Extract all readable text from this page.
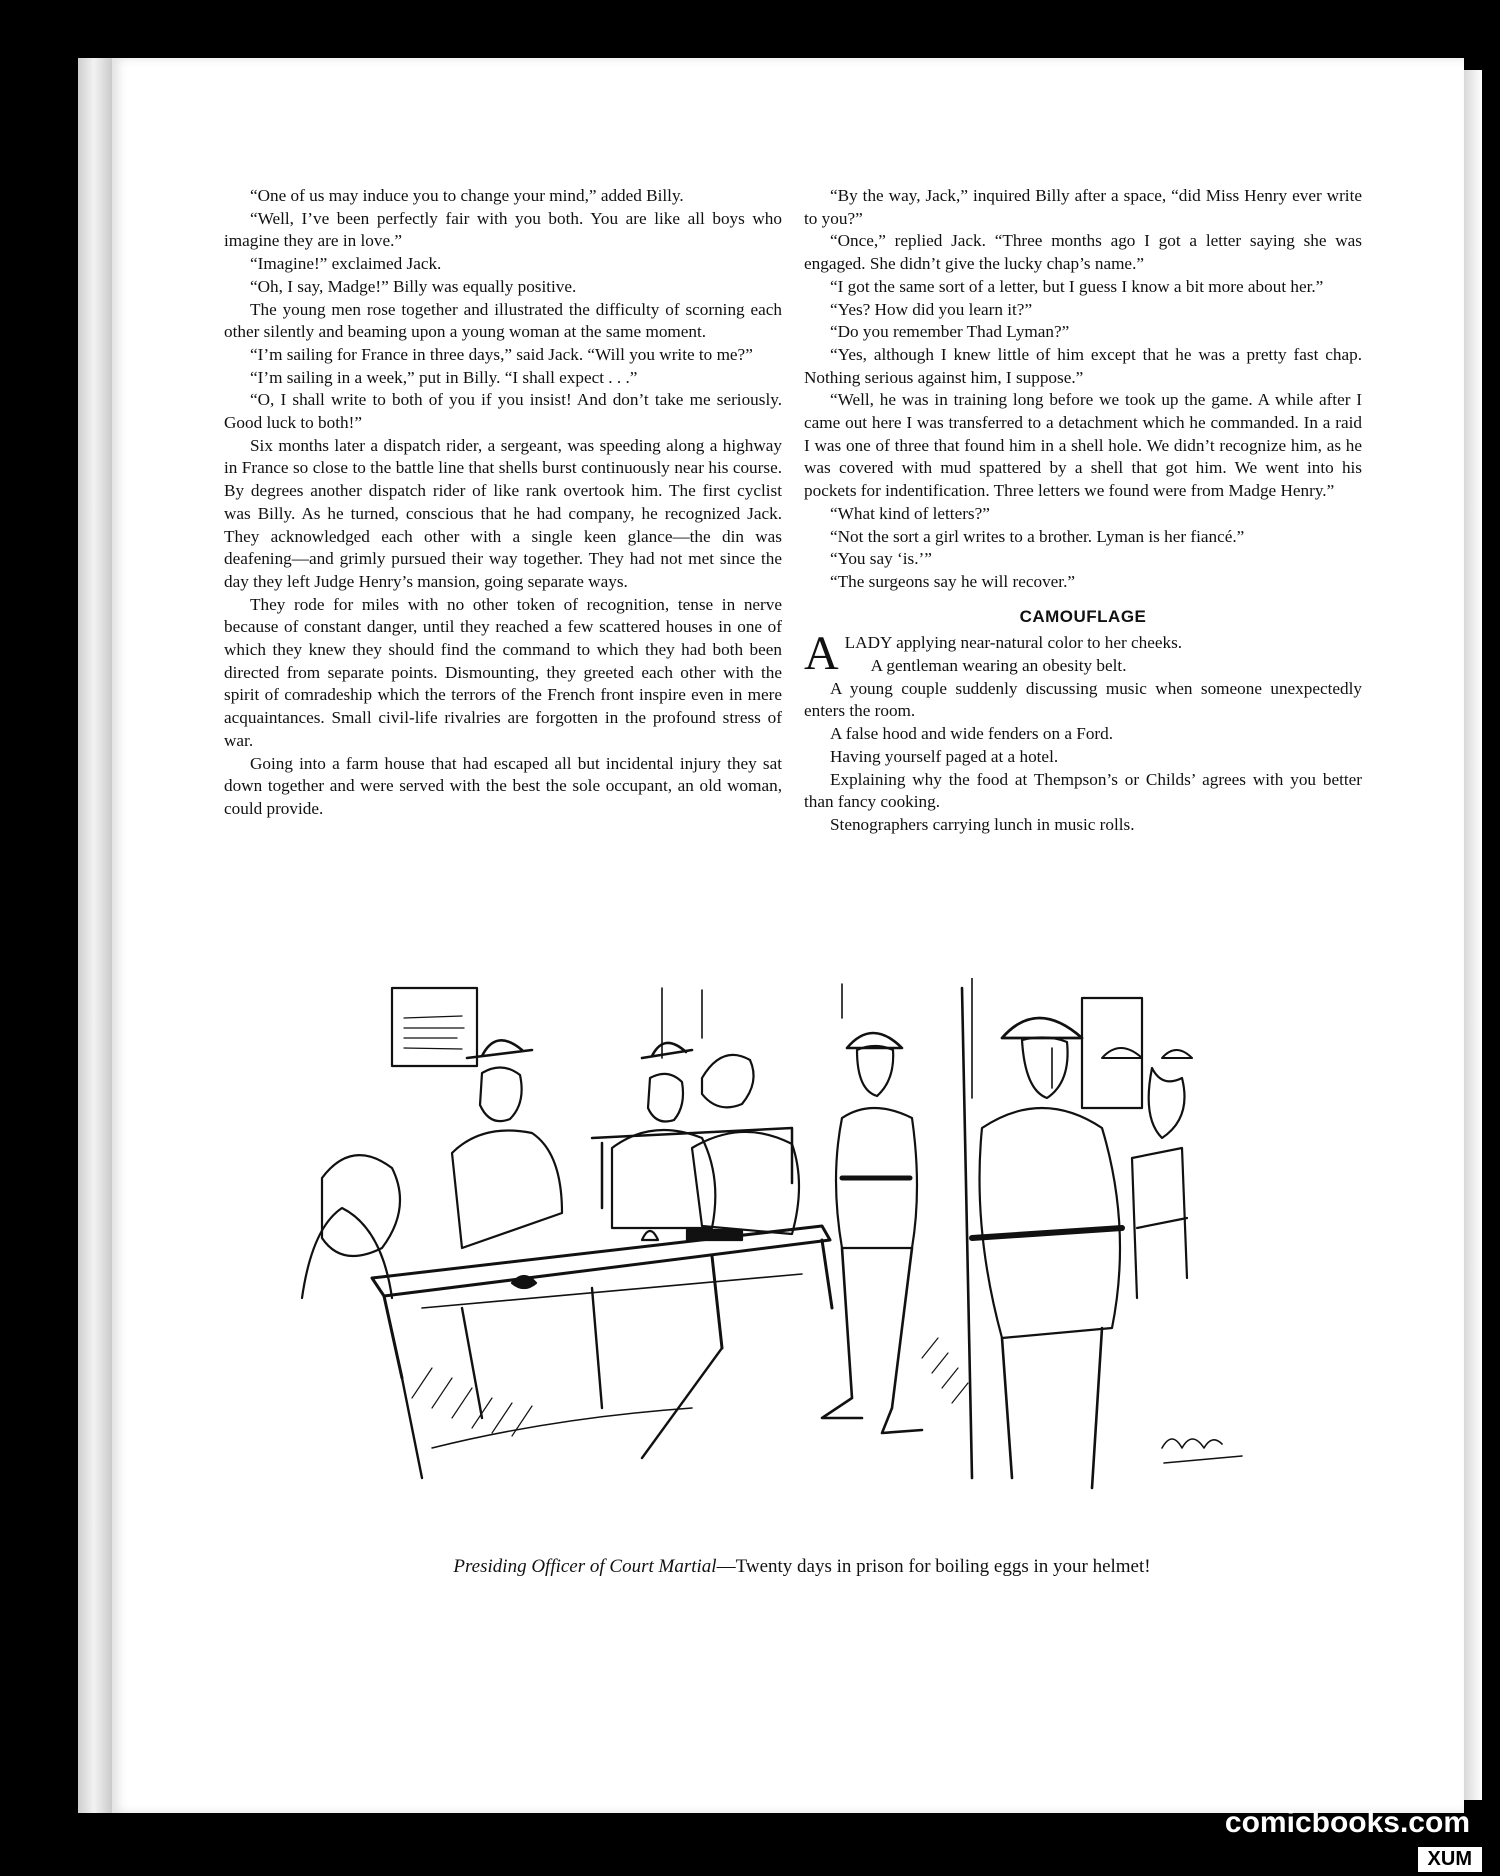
“One of us may induce you to change your mind,” added Billy.

“Well, I’ve been perfectly fair with you both. You are like all boys who imagine they are in love.”

“Imagine!” exclaimed Jack.

“Oh, I say, Madge!” Billy was equally positive.

The young men rose together and illustrated the difficulty of scorning each other silently and beaming upon a young woman at the same moment.

“I’m sailing for France in three days,” said Jack. “Will you write to me?”

“I’m sailing in a week,” put in Billy. “I shall expect . . .”

“O, I shall write to both of you if you insist! And don’t take me seriously. Good luck to both!”

Six months later a dispatch rider, a sergeant, was speeding along a highway in France so close to the battle line that shells burst continuously near his course. By degrees another dispatch rider of like rank overtook him. The first cyclist was Billy. As he turned, conscious that he had company, he recognized Jack. They acknowledged each other with a single keen glance—the din was deafening—and grimly pursued their way together. They had not met since the day they left Judge Henry’s mansion, going separate ways.

They rode for miles with no other token of recognition, tense in nerve because of constant danger, until they reached a few scattered houses in one of which they knew they should find the command to which they had both been directed from separate points. Dismounting, they greeted each other with the spirit of comradeship which the terrors of the French front inspire even in mere acquaintances. Small civil-life rivalries are forgotten in the profound stress of war.

Going into a farm house that had escaped all but incidental injury they sat down together and were served with the best the sole occupant, an old woman, could provide.

“By the way, Jack,” inquired Billy after a space, “did Miss Henry ever write to you?”

“Once,” replied Jack. “Three months ago I got a letter saying she was engaged. She didn’t give the lucky chap’s name.”

“I got the same sort of a letter, but I guess I know a bit more about her.”

“Yes? How did you learn it?”

“Do you remember Thad Lyman?”

“Yes, although I knew little of him except that he was a pretty fast chap. Nothing serious against him, I suppose.”

“Well, he was in training long before we took up the game. A while after I came out here I was transferred to a detachment which he commanded. In a raid I was one of three that found him in a shell hole. We didn’t recognize him, as he was covered with mud spattered by a shell that got him. We went into his pockets for indentification. Three letters we found were from Madge Henry.”

“What kind of letters?”

“Not the sort a girl writes to a brother. Lyman is her fiancé.”

“You say ‘is.’”

“The surgeons say he will recover.”

CAMOUFLAGE

ALADY applying near-natural color to her cheeks.

A gentleman wearing an obesity belt.

A young couple suddenly discussing music when someone unexpectedly enters the room.

A false hood and wide fenders on a Ford.

Having yourself paged at a hotel.

Explaining why the food at Thempson’s or Childs’ agrees with you better than fancy cooking.

Stenographers carrying lunch in music rolls.

Presiding Officer of Court Martial—Twenty days in prison for boiling eggs in your helmet!
comicbooks.com
XUM
